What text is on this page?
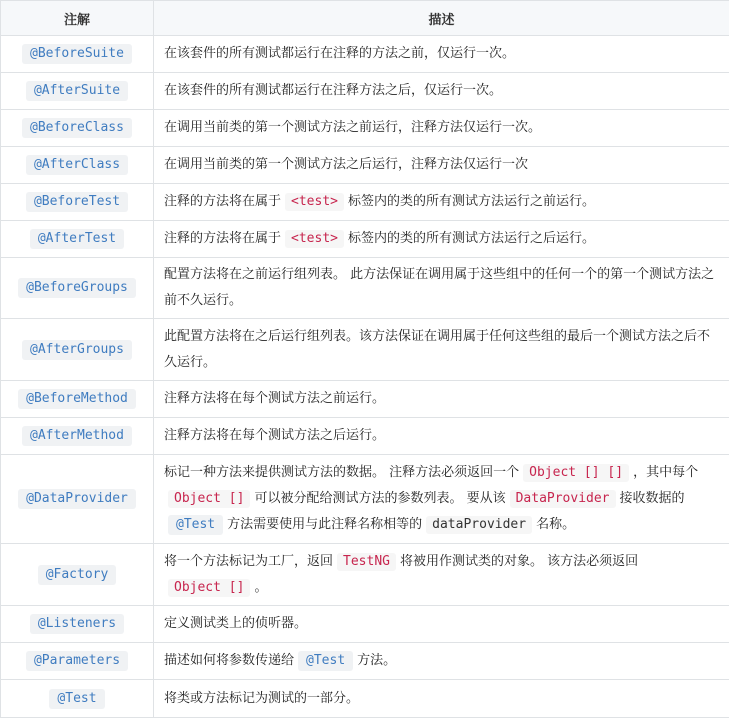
注解	描述
@BeforeSuite	在该套件的所有测试都运行在注释的方法之前，仅运行一次。
@AfterSuite	在该套件的所有测试都运行在注释方法之后，仅运行一次。
@BeforeClass	在调用当前类的第一个测试方法之前运行，注释方法仅运行一次。
@AfterClass	在调用当前类的第一个测试方法之后运行，注释方法仅运行一次
@BeforeTest	注释的方法将在属于 <test> 标签内的类的所有测试方法运行之前运行。
@AfterTest	注释的方法将在属于 <test> 标签内的类的所有测试方法运行之后运行。
@BeforeGroups	配置方法将在之前运行组列表。 此方法保证在调用属于这些组中的任何一个的第一个测试方法之前不久运行。
@AfterGroups	此配置方法将在之后运行组列表。该方法保证在调用属于任何这些组的最后一个测试方法之后不久运行。
@BeforeMethod	注释方法将在每个测试方法之前运行。
@AfterMethod	注释方法将在每个测试方法之后运行。
@DataProvider	标记一种方法来提供测试方法的数据。 注释方法必须返回一个 Object [] [] ，其中每个Object [] 可以被分配给测试方法的参数列表。 要从该 DataProvider 接收数据的@Test 方法需要使用与此注释名称相等的 dataProvider 名称。
@Factory	将一个方法标记为工厂，返回 TestNG 将被用作测试类的对象。 该方法必须返回Object [] 。
@Listeners	定义测试类上的侦听器。
@Parameters	描述如何将参数传递给 @Test 方法。
@Test	将类或方法标记为测试的一部分。
